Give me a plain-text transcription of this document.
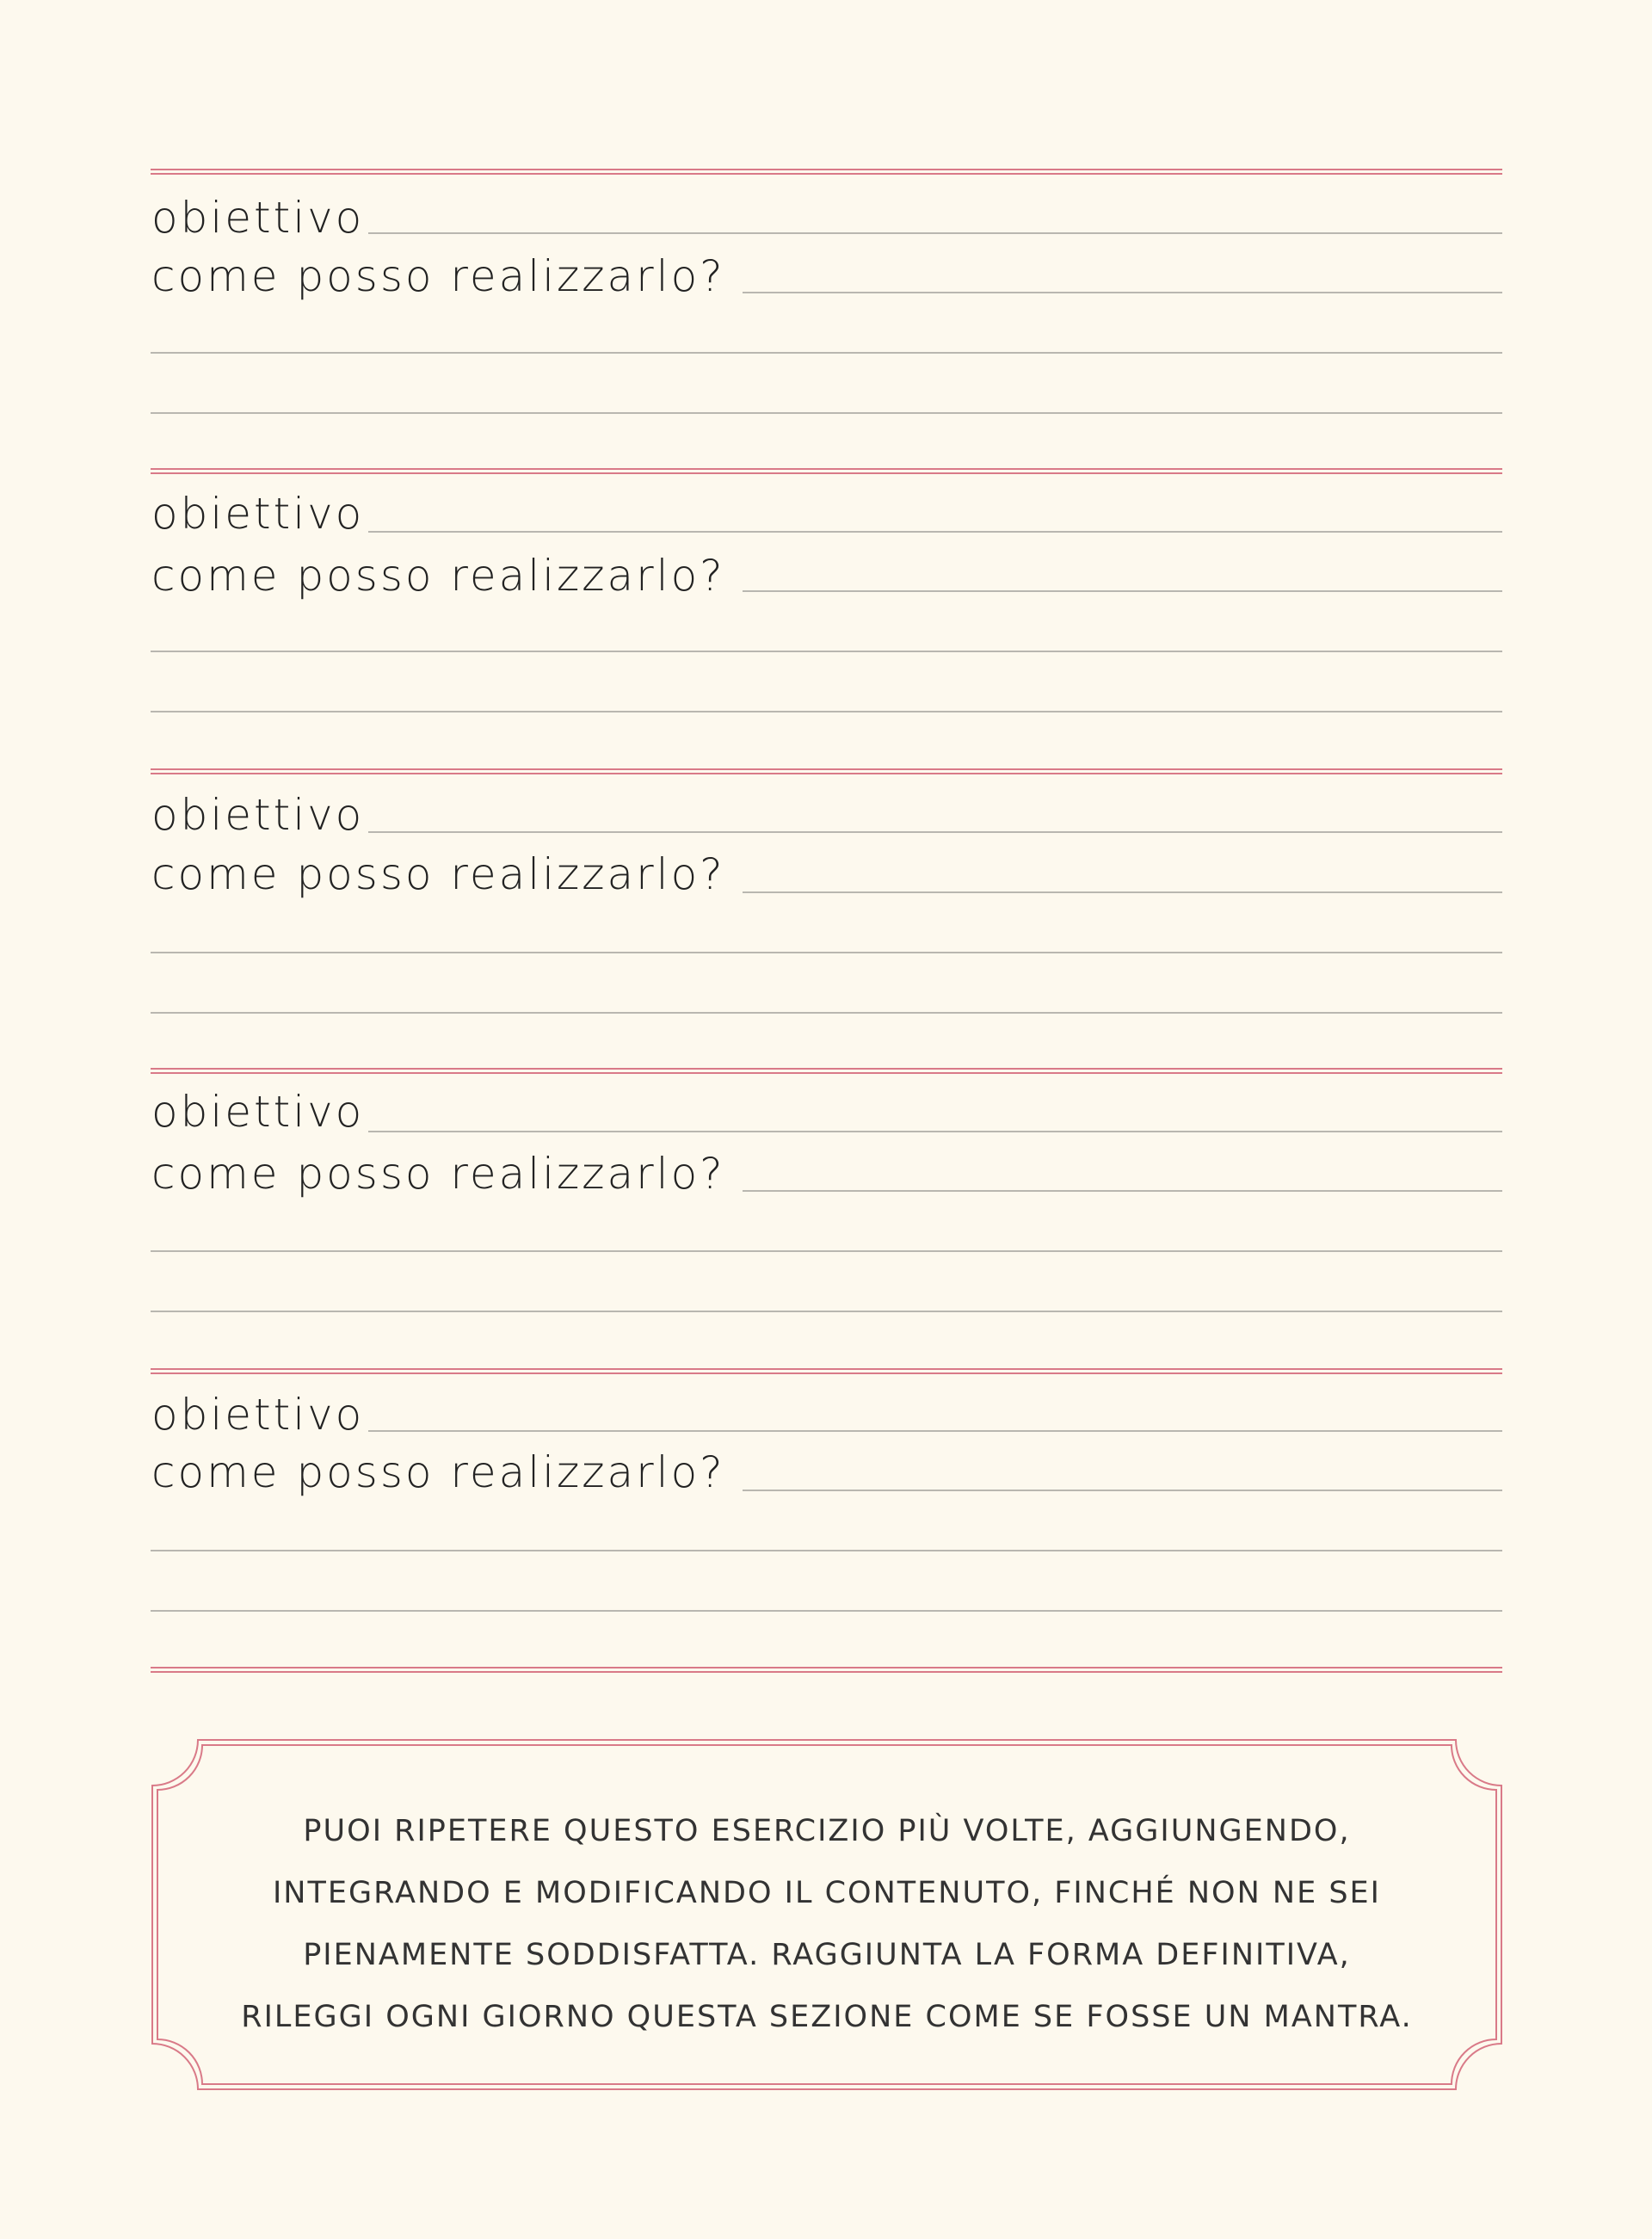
obiettivo
come posso realizzarlo?
obiettivo
come posso realizzarlo?
obiettivo
come posso realizzarlo?
obiettivo
come posso realizzarlo?
obiettivo
come posso realizzarlo?
PUOI RIPETERE QUESTO ESERCIZIO PIÙ VOLTE, AGGIUNGENDO,
INTEGRANDO E MODIFICANDO IL CONTENUTO, FINCHÉ NON NE SEI
PIENAMENTE SODDISFATTA. RAGGIUNTA LA FORMA DEFINITIVA,
RILEGGI OGNI GIORNO QUESTA SEZIONE COME SE FOSSE UN MANTRA.
